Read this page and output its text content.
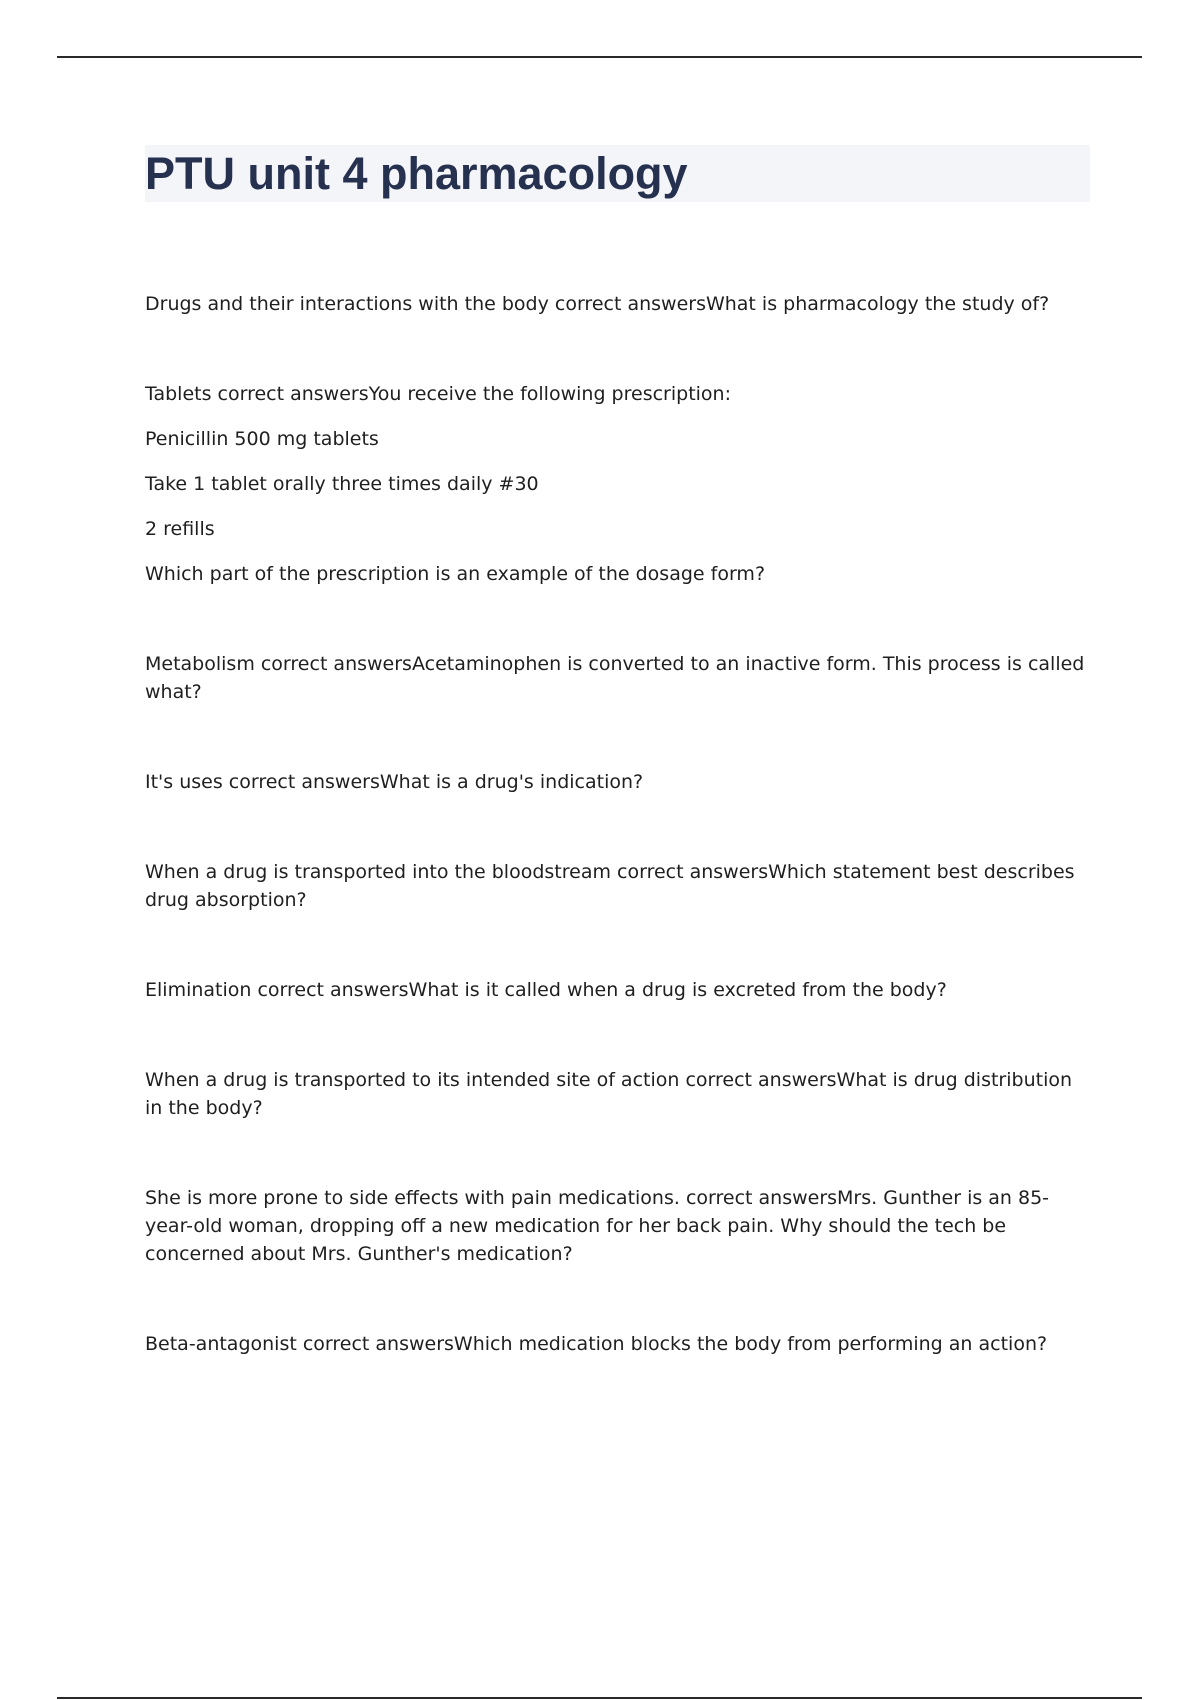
PTU unit 4 pharmacology

Drugs and their interactions with the body correct answersWhat is pharmacology the study of?

Tablets correct answersYou receive the following prescription:

Penicillin 500 mg tablets

Take 1 tablet orally three times daily #30

2 refills

Which part of the prescription is an example of the dosage form?

Metabolism correct answersAcetaminophen is converted to an inactive form. This process is called what?

It's uses correct answersWhat is a drug's indication?

When a drug is transported into the bloodstream correct answersWhich statement best describes drug absorption?

Elimination correct answersWhat is it called when a drug is excreted from the body?

When a drug is transported to its intended site of action correct answersWhat is drug distribution in the body?

She is more prone to side effects with pain medications. correct answersMrs. Gunther is an 85-year-old woman, dropping off a new medication for her back pain. Why should the tech be concerned about Mrs. Gunther's medication?

Beta-antagonist correct answersWhich medication blocks the body from performing an action?
